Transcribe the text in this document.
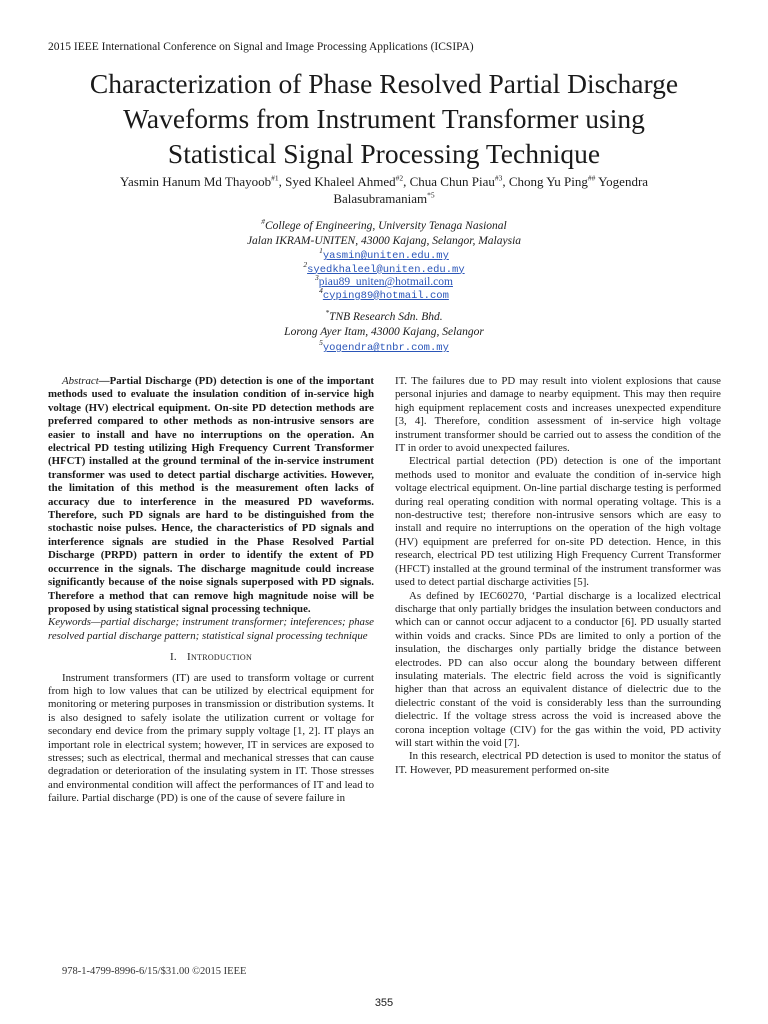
2015 IEEE International Conference on Signal and Image Processing Applications (ICSIPA)
Characterization of Phase Resolved Partial Discharge
Waveforms from Instrument Transformer using
Statistical Signal Processing Technique
Yasmin Hanum Md Thayoob$^{\#1}$, Syed Khaleel Ahmed$^{\#2}$, Chua Chun Piau$^{\#3}$, Chong Yu Ping## Yogendra Balasubramaniam$^{*5}$
#College of Engineering, University Tenaga Nasional
Jalan IKRAM-UNITEN, 43000 Kajang, Selangor, Malaysia

$^1$yasmin@uniten.edu.my
$^2$syedkhaleel@uniten.edu.my
$^3$piau89_uniten@hotmail.com
$^4$cyping89@hotmail.com
*TNB Research Sdn. Bhd.
Lorong Ayer Itam, 43000 Kajang, Selangor
$^5$yogendra@tnbr.com.my

Abstract—Partial Discharge (PD) detection is one of the important methods used to evaluate the insulation condition of in-service high voltage (HV) electrical equipment. On-site PD detection methods are preferred compared to other methods as non-intrusive sensors are easier to install and have no interruptions on the operation. An electrical PD testing utilizing High Frequency Current Transformer (HFCT) installed at the ground terminal of the in-service instrument transformer was used to detect partial discharge activities. However, the limitation of this method is the measurement often lacks of accuracy due to interference in the measured PD waveforms. Therefore, such PD signals are hard to be distinguished from the stochastic noise pulses. Hence, the characteristics of PD signals and interference signals are studied in the Phase Resolved Partial Discharge (PRPD) pattern in order to identify the extent of PD occurrence in the signals. The discharge magnitude could increase significantly because of the noise signals superposed with PD signals. Therefore a method that can remove high magnitude noise will be proposed by using statistical signal processing technique.

Keywords—partial discharge; instrument transformer; inteferences; phase resolved partial discharge pattern; statistical signal processing technique

I. Introduction

Instrument transformers (IT) are used to transform voltage or current from high to low values that can be utilized by electrical equipment for monitoring or metering purposes in transmission or distribution systems. It is also designed to safely isolate the utilization current or voltage for secondary end device from the primary supply voltage [1, 2]. IT plays an important role in electrical system; however, IT in services are exposed to stresses; such as electrical, thermal and mechanical stresses that can cause degradation or deterioration of the insulating system in IT. Those stresses and environmental condition will affect the performances of IT and lead to failure. Partial discharge (PD) is one of the cause of severe failure in

IT. The failures due to PD may result into violent explosions that cause personal injuries and damage to nearby equipment. This may then require high equipment replacement costs and increases unexpected expenditure [3, 4]. Therefore, condition assessment of in-service high voltage instrument transformer should be carried out to assess the condition of the IT in order to avoid unexpected failures.

Electrical partial detection (PD) detection is one of the important methods used to monitor and evaluate the condition of in-service high voltage electrical equipment. On-line partial discharge testing is performed during real operating condition with normal operating voltage. This is a non-destructive test; therefore non-intrusive sensors which are easy to install and require no interruptions on the operation of the high voltage (HV) equipment are preferred for on-site PD detection. Hence, in this research, electrical PD test utilizing High Frequency Current Transformer (HFCT) installed at the ground terminal of the instrument transformer was used to detect partial discharge activities [5].

As defined by IEC60270, ‘Partial discharge is a localized electrical discharge that only partially bridges the insulation between conductors and which can or cannot occur adjacent to a conductor [6]. PD usually started within voids and cracks. Since PDs are limited to only a portion of the insulation, the discharges only partially bridge the distance between electrodes. PD can also occur along the boundary between different insulating materials. The electric field across the void is significantly higher than that across an equivalent distance of dielectric due to the dielectric constant of the void is considerably less than the surrounding dielectric. If the voltage stress across the void is increased above the corona inception voltage (CIV) for the gas within the void, PD activity will start within the void [7].

In this research, electrical PD detection is used to monitor the status of IT. However, PD measurement performed on-site

978-1-4799-8996-6/15/$31.00 ©2015 IEEE
355
